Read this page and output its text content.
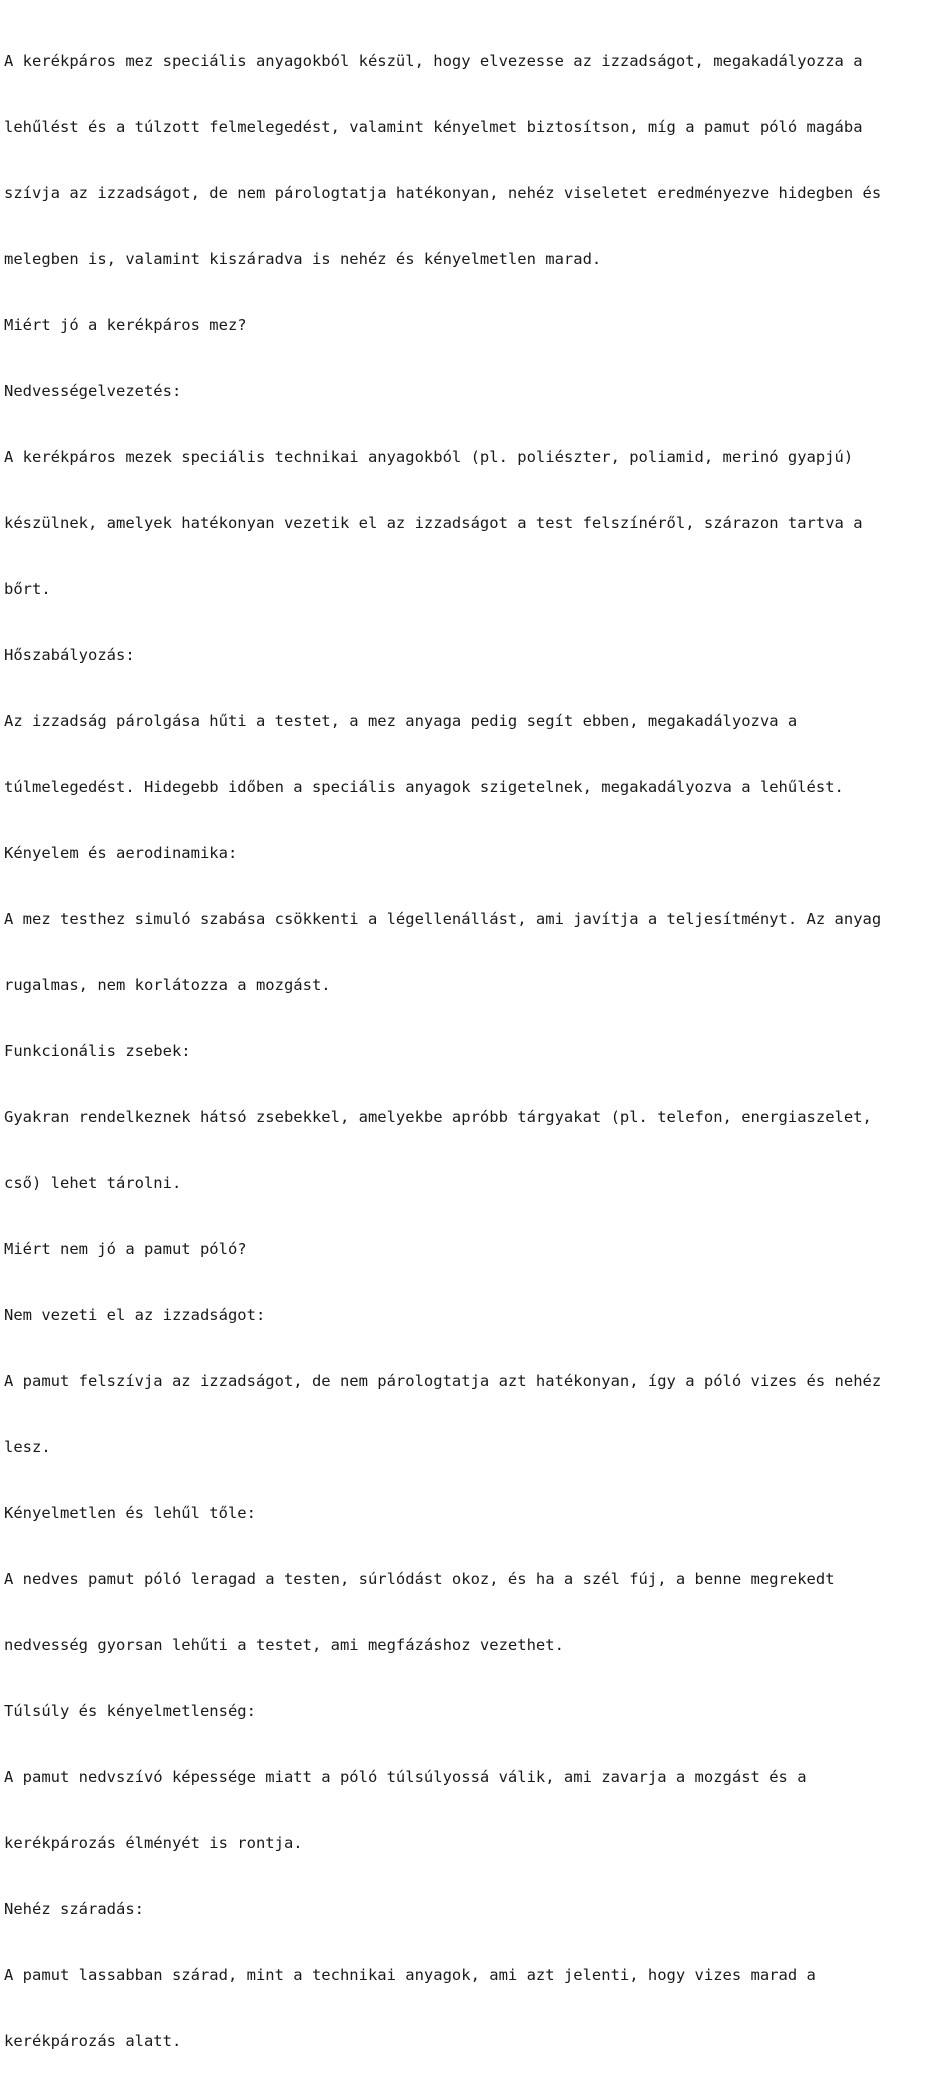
A kerékpáros mez speciális anyagokból készül, hogy elvezesse az izzadságot, megakadályozza a

lehűlést és a túlzott felmelegedést, valamint kényelmet biztosítson, míg a pamut póló magába

szívja az izzadságot, de nem párologtatja hatékonyan, nehéz viseletet eredményezve hidegben és

melegben is, valamint kiszáradva is nehéz és kényelmetlen marad.

Miért jó a kerékpáros mez?

Nedvességelvezetés:

A kerékpáros mezek speciális technikai anyagokból (pl. poliészter, poliamid, merinó gyapjú)

készülnek, amelyek hatékonyan vezetik el az izzadságot a test felszínéről, szárazon tartva a

bőrt.

Hőszabályozás:

Az izzadság párolgása hűti a testet, a mez anyaga pedig segít ebben, megakadályozva a

túlmelegedést. Hidegebb időben a speciális anyagok szigetelnek, megakadályozva a lehűlést.

Kényelem és aerodinamika:

A mez testhez simuló szabása csökkenti a légellenállást, ami javítja a teljesítményt. Az anyag

rugalmas, nem korlátozza a mozgást.

Funkcionális zsebek:

Gyakran rendelkeznek hátsó zsebekkel, amelyekbe apróbb tárgyakat (pl. telefon, energiaszelet,

cső) lehet tárolni.

Miért nem jó a pamut póló?

Nem vezeti el az izzadságot:

A pamut felszívja az izzadságot, de nem párologtatja azt hatékonyan, így a póló vizes és nehéz

lesz.

Kényelmetlen és lehűl tőle:

A nedves pamut póló leragad a testen, súrlódást okoz, és ha a szél fúj, a benne megrekedt

nedvesség gyorsan lehűti a testet, ami megfázáshoz vezethet.

Túlsúly és kényelmetlenség:

A pamut nedvszívó képessége miatt a póló túlsúlyossá válik, ami zavarja a mozgást és a

kerékpározás élményét is rontja.

Nehéz száradás:

A pamut lassabban szárad, mint a technikai anyagok, ami azt jelenti, hogy vizes marad a

kerékpározás alatt.
